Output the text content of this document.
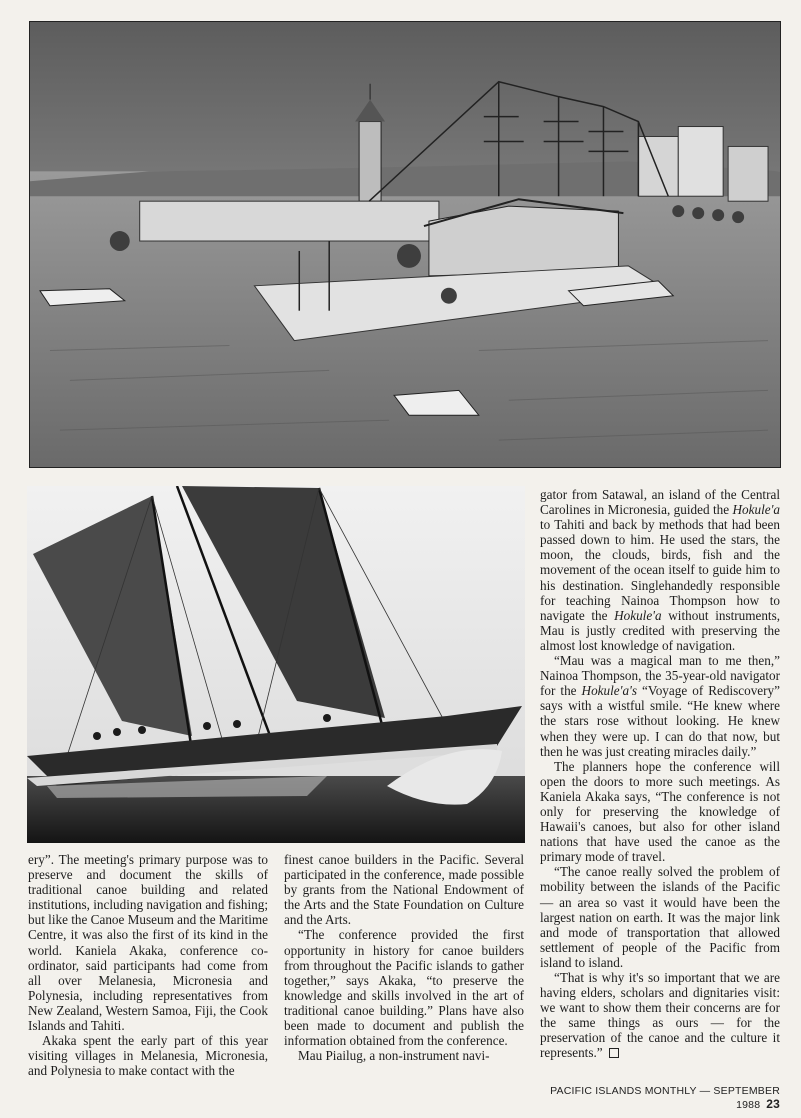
gator from Satawal, an island of the Central Carolines in Micronesia, guided the Hokule'a to Tahiti and back by methods that had been passed down to him. He used the stars, the moon, the clouds, birds, fish and the movement of the ocean itself to guide him to his destination. Singlehandedly responsible for teaching Nainoa Thompson how to navigate the Hokule'a without instruments, Mau is justly credited with preserving the almost lost knowledge of navigation.

“Mau was a magical man to me then,” Nainoa Thompson, the 35-year-old navigator for the Hokule'a's “Voyage of Rediscovery” says with a wistful smile. “He knew where the stars rose without looking. He knew when they were up. I can do that now, but then he was just creating miracles daily.”

The planners hope the conference will open the doors to more such meetings. As Kaniela Akaka says, “The conference is not only for preserving the knowledge of Hawaii's canoes, but also for other island nations that have used the canoe as the primary mode of travel.

“The canoe really solved the problem of mobility between the islands of the Pacific — an area so vast it would have been the largest nation on earth. It was the major link and mode of transportation that allowed settlement of people of the Pacific from island to island.

“That is why it's so important that we are having elders, scholars and dignitaries visit: we want to show them their concerns are for the same things as ours — for the preservation of the canoe and the culture it represents.”

ery”. The meeting's primary purpose was to preserve and document the skills of traditional canoe building and related institutions, including navigation and fishing; but like the Canoe Museum and the Maritime Centre, it was also the first of its kind in the world. Kaniela Akaka, conference co-ordinator, said participants had come from all over Melanesia, Micronesia and Polynesia, including representatives from New Zealand, Western Samoa, Fiji, the Cook Islands and Tahiti.

Akaka spent the early part of this year visiting villages in Melanesia, Micronesia, and Polynesia to make contact with the

finest canoe builders in the Pacific. Several participated in the conference, made possible by grants from the National Endowment of the Arts and the State Foundation on Culture and the Arts.

“The conference provided the first opportunity in history for canoe builders from throughout the Pacific islands to gather together,” says Akaka, “to preserve the knowledge and skills involved in the art of traditional canoe building.” Plans have also been made to document and publish the information obtained from the conference.

Mau Piailug, a non-instrument navi-

PACIFIC ISLANDS MONTHLY — SEPTEMBER 1988 23
